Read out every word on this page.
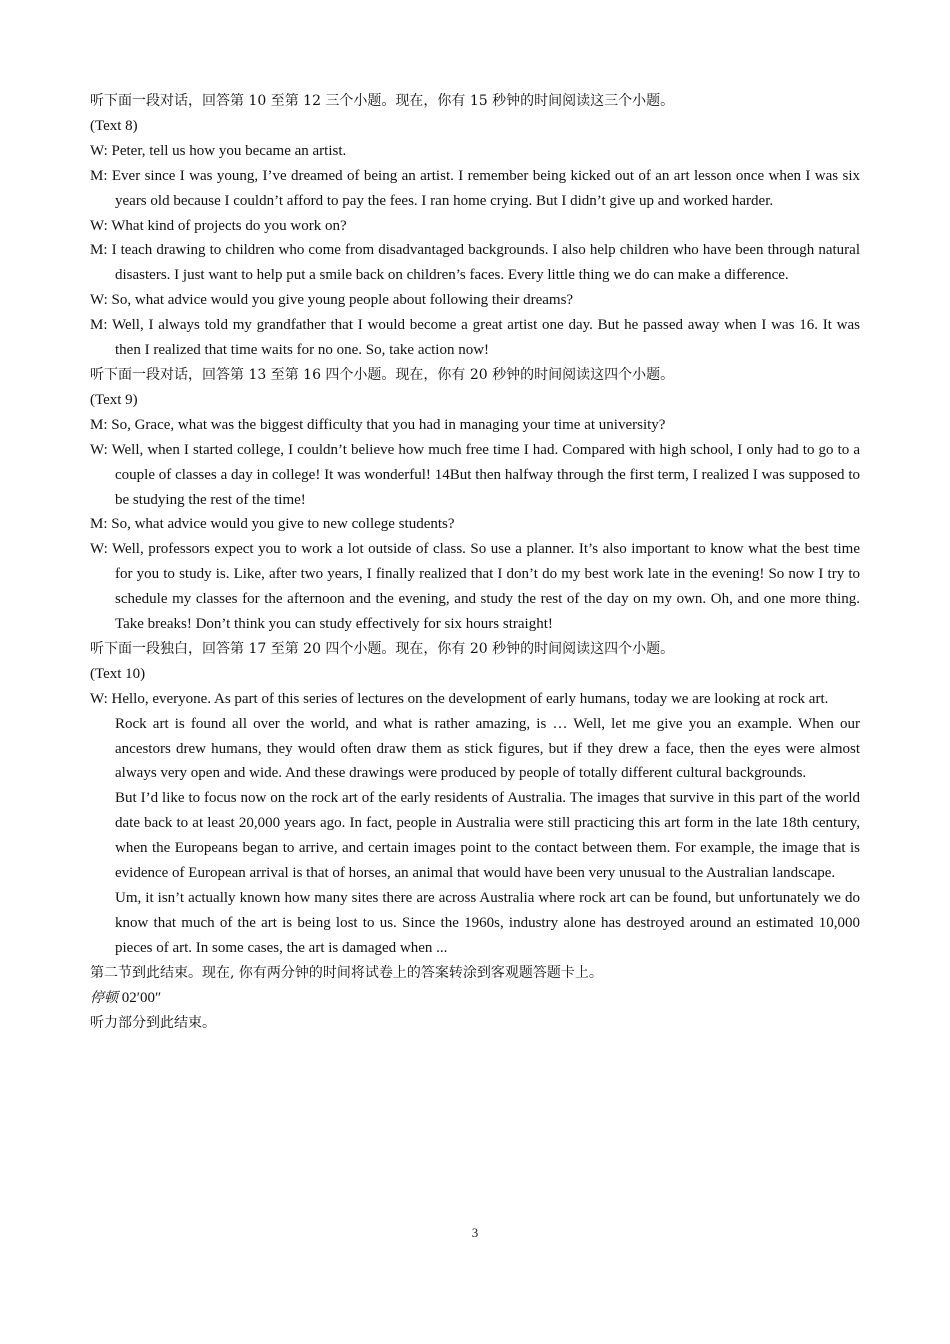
听下面一段对话，回答第 10 至第 12 三个小题。现在，你有 15 秒钟的时间阅读这三个小题。

(Text 8)

W: Peter, tell us how you became an artist.

M: Ever since I was young, I’ve dreamed of being an artist. I remember being kicked out of an art lesson once when I was six years old because I couldn’t afford to pay the fees. I ran home crying. But I didn’t give up and worked harder.

W: What kind of projects do you work on?

M: I teach drawing to children who come from disadvantaged backgrounds. I also help children who have been through natural disasters. I just want to help put a smile back on children’s faces. Every little thing we do can make a difference.

W: So, what advice would you give young people about following their dreams?

M: Well, I always told my grandfather that I would become a great artist one day. But he passed away when I was 16. It was then I realized that time waits for no one. So, take action now!

听下面一段对话，回答第 13 至第 16 四个小题。现在，你有 20 秒钟的时间阅读这四个小题。

(Text 9)

M: So, Grace, what was the biggest difficulty that you had in managing your time at university?

W: Well, when I started college, I couldn’t believe how much free time I had. Compared with high school, I only had to go to a couple of classes a day in college! It was wonderful! 14But then halfway through the first term, I realized I was supposed to be studying the rest of the time!

M: So, what advice would you give to new college students?

W: Well, professors expect you to work a lot outside of class. So use a planner. It’s also important to know what the best time for you to study is. Like, after two years, I finally realized that I don’t do my best work late in the evening! So now I try to schedule my classes for the afternoon and the evening, and study the rest of the day on my own. Oh, and one more thing. Take breaks! Don’t think you can study effectively for six hours straight!

听下面一段独白，回答第 17 至第 20 四个小题。现在，你有 20 秒钟的时间阅读这四个小题。

(Text 10)

W: Hello, everyone. As part of this series of lectures on the development of early humans, today we are looking at rock art.

Rock art is found all over the world, and what is rather amazing, is … Well, let me give you an example. When our ancestors drew humans, they would often draw them as stick figures, but if they drew a face, then the eyes were almost always very open and wide. And these drawings were produced by people of totally different cultural backgrounds.

But I’d like to focus now on the rock art of the early residents of Australia. The images that survive in this part of the world date back to at least 20,000 years ago. In fact, people in Australia were still practicing this art form in the late 18th century, when the Europeans began to arrive, and certain images point to the contact between them. For example, the image that is evidence of European arrival is that of horses, an animal that would have been very unusual to the Australian landscape.

Um, it isn’t actually known how many sites there are across Australia where rock art can be found, but unfortunately we do know that much of the art is being lost to us. Since the 1960s, industry alone has destroyed around an estimated 10,000 pieces of art. In some cases, the art is damaged when ...

第二节到此结束。现在, 你有两分钟的时间将试卷上的答案转涂到客观题答题卡上。

停顿 02′00″

听力部分到此结束。

3
